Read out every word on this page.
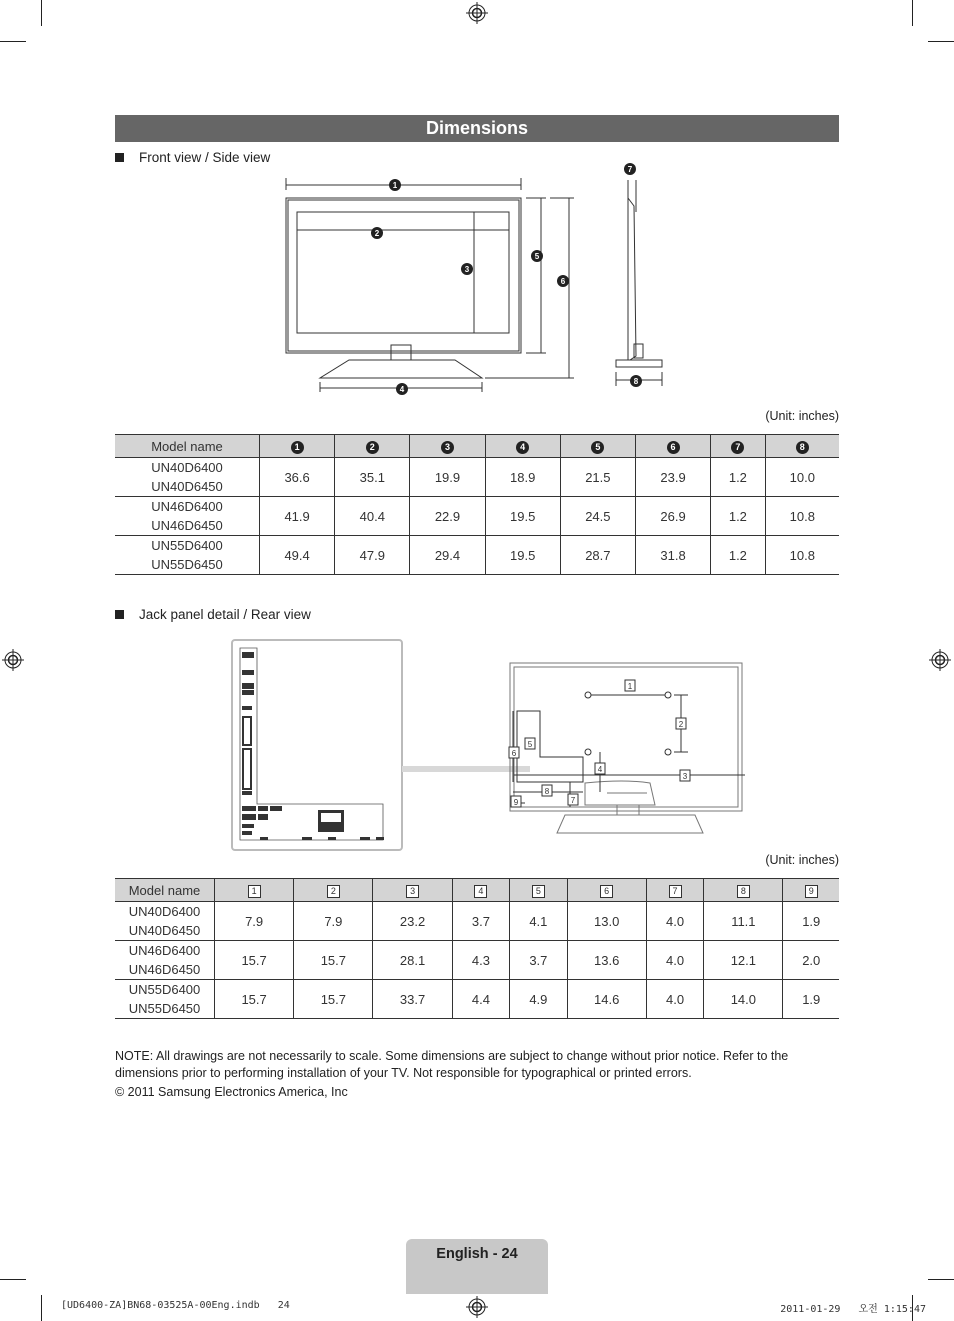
Dimensions
Front view / Side view
1
2
3
4
5
6
7
8
(Unit: inches)
Model name	1	2	3	4	5	6	7	8

UN40D6400
UN40D6450	36.6	35.1	19.9	18.9	21.5	23.9	1.2	10.0

UN46D6400
UN46D6450	41.9	40.4	22.9	19.5	24.5	26.9	1.2	10.8

UN55D6400
UN55D6450	49.4	47.9	29.4	19.5	28.7	31.8	1.2	10.8
Jack panel detail / Rear view
1
2
3
4
5
6
7
8
9
(Unit: inches)
Model name	1	2	3	4	5	6	7	8	9

UN40D6400
UN40D6450	7.9	7.9	23.2	3.7	4.1	13.0	4.0	11.1	1.9

UN46D6400
UN46D6450	15.7	15.7	28.1	4.3	3.7	13.6	4.0	12.1	2.0

UN55D6400
UN55D6450	15.7	15.7	33.7	4.4	4.9	14.6	4.0	14.0	1.9
NOTE: All drawings are not necessarily to scale. Some dimensions are subject to change without prior notice. Refer to the dimensions prior to performing installation of your TV. Not responsible for typographical or printed errors.
© 2011 Samsung Electronics America, Inc
English - 24
[UD6400-ZA]BN68-03525A-00Eng.indb   24	2011-01-29   오전 1:15:47
